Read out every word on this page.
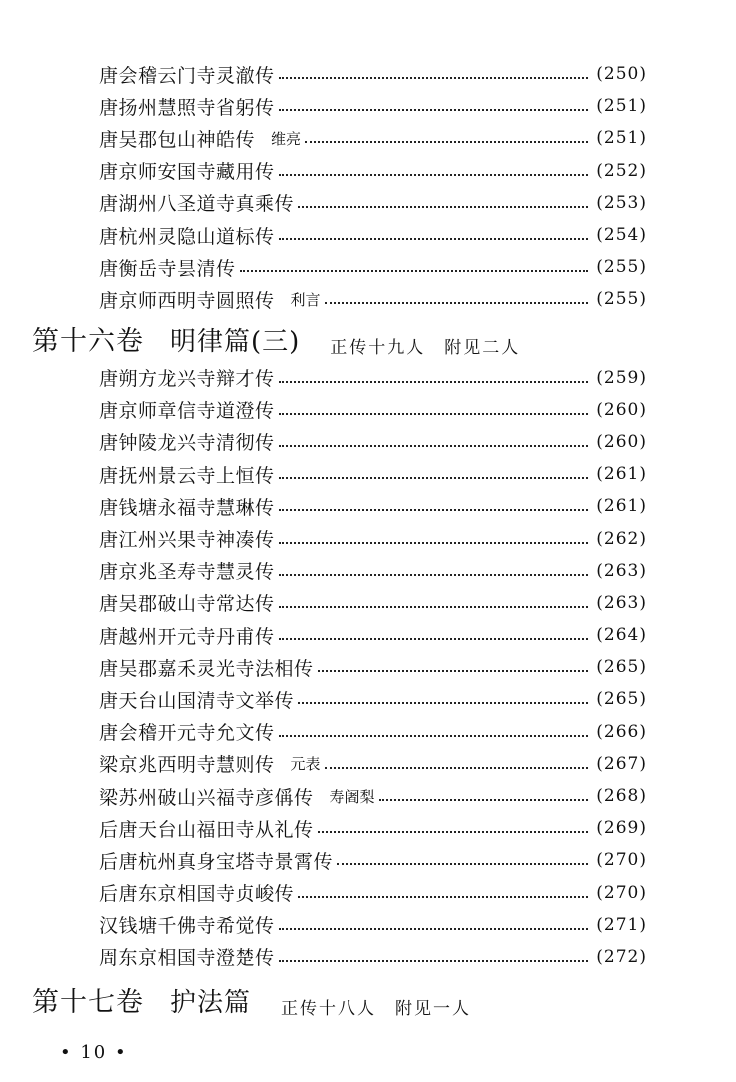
唐会稽云门寺灵澈传	(250)
唐扬州慧照寺省躬传	(251)
唐吴郡包山神皓传 维亮	(251)
唐京师安国寺藏用传	(252)
唐湖州八圣道寺真乘传	(253)
唐杭州灵隐山道标传	(254)
唐衡岳寺昙清传	(255)
唐京师西明寺圆照传 利言	(255)
第十六卷 明律篇(三) 正传十九人　附见二人
唐朔方龙兴寺辩才传	(259)
唐京师章信寺道澄传	(260)
唐钟陵龙兴寺清彻传	(260)
唐抚州景云寺上恒传	(261)
唐钱塘永福寺慧琳传	(261)
唐江州兴果寺神凑传	(262)
唐京兆圣寿寺慧灵传	(263)
唐吴郡破山寺常达传	(263)
唐越州开元寺丹甫传	(264)
唐吴郡嘉禾灵光寺法相传	(265)
唐天台山国清寺文举传	(265)
唐会稽开元寺允文传	(266)
梁京兆西明寺慧则传 元表	(267)
梁苏州破山兴福寺彦偁传 寿阇梨	(268)
后唐天台山福田寺从礼传	(269)
后唐杭州真身宝塔寺景霄传	(270)
后唐东京相国寺贞峻传	(270)
汉钱塘千佛寺希觉传	(271)
周东京相国寺澄楚传	(272)
第十七卷 护法篇 正传十八人　附见一人
• 10 •
